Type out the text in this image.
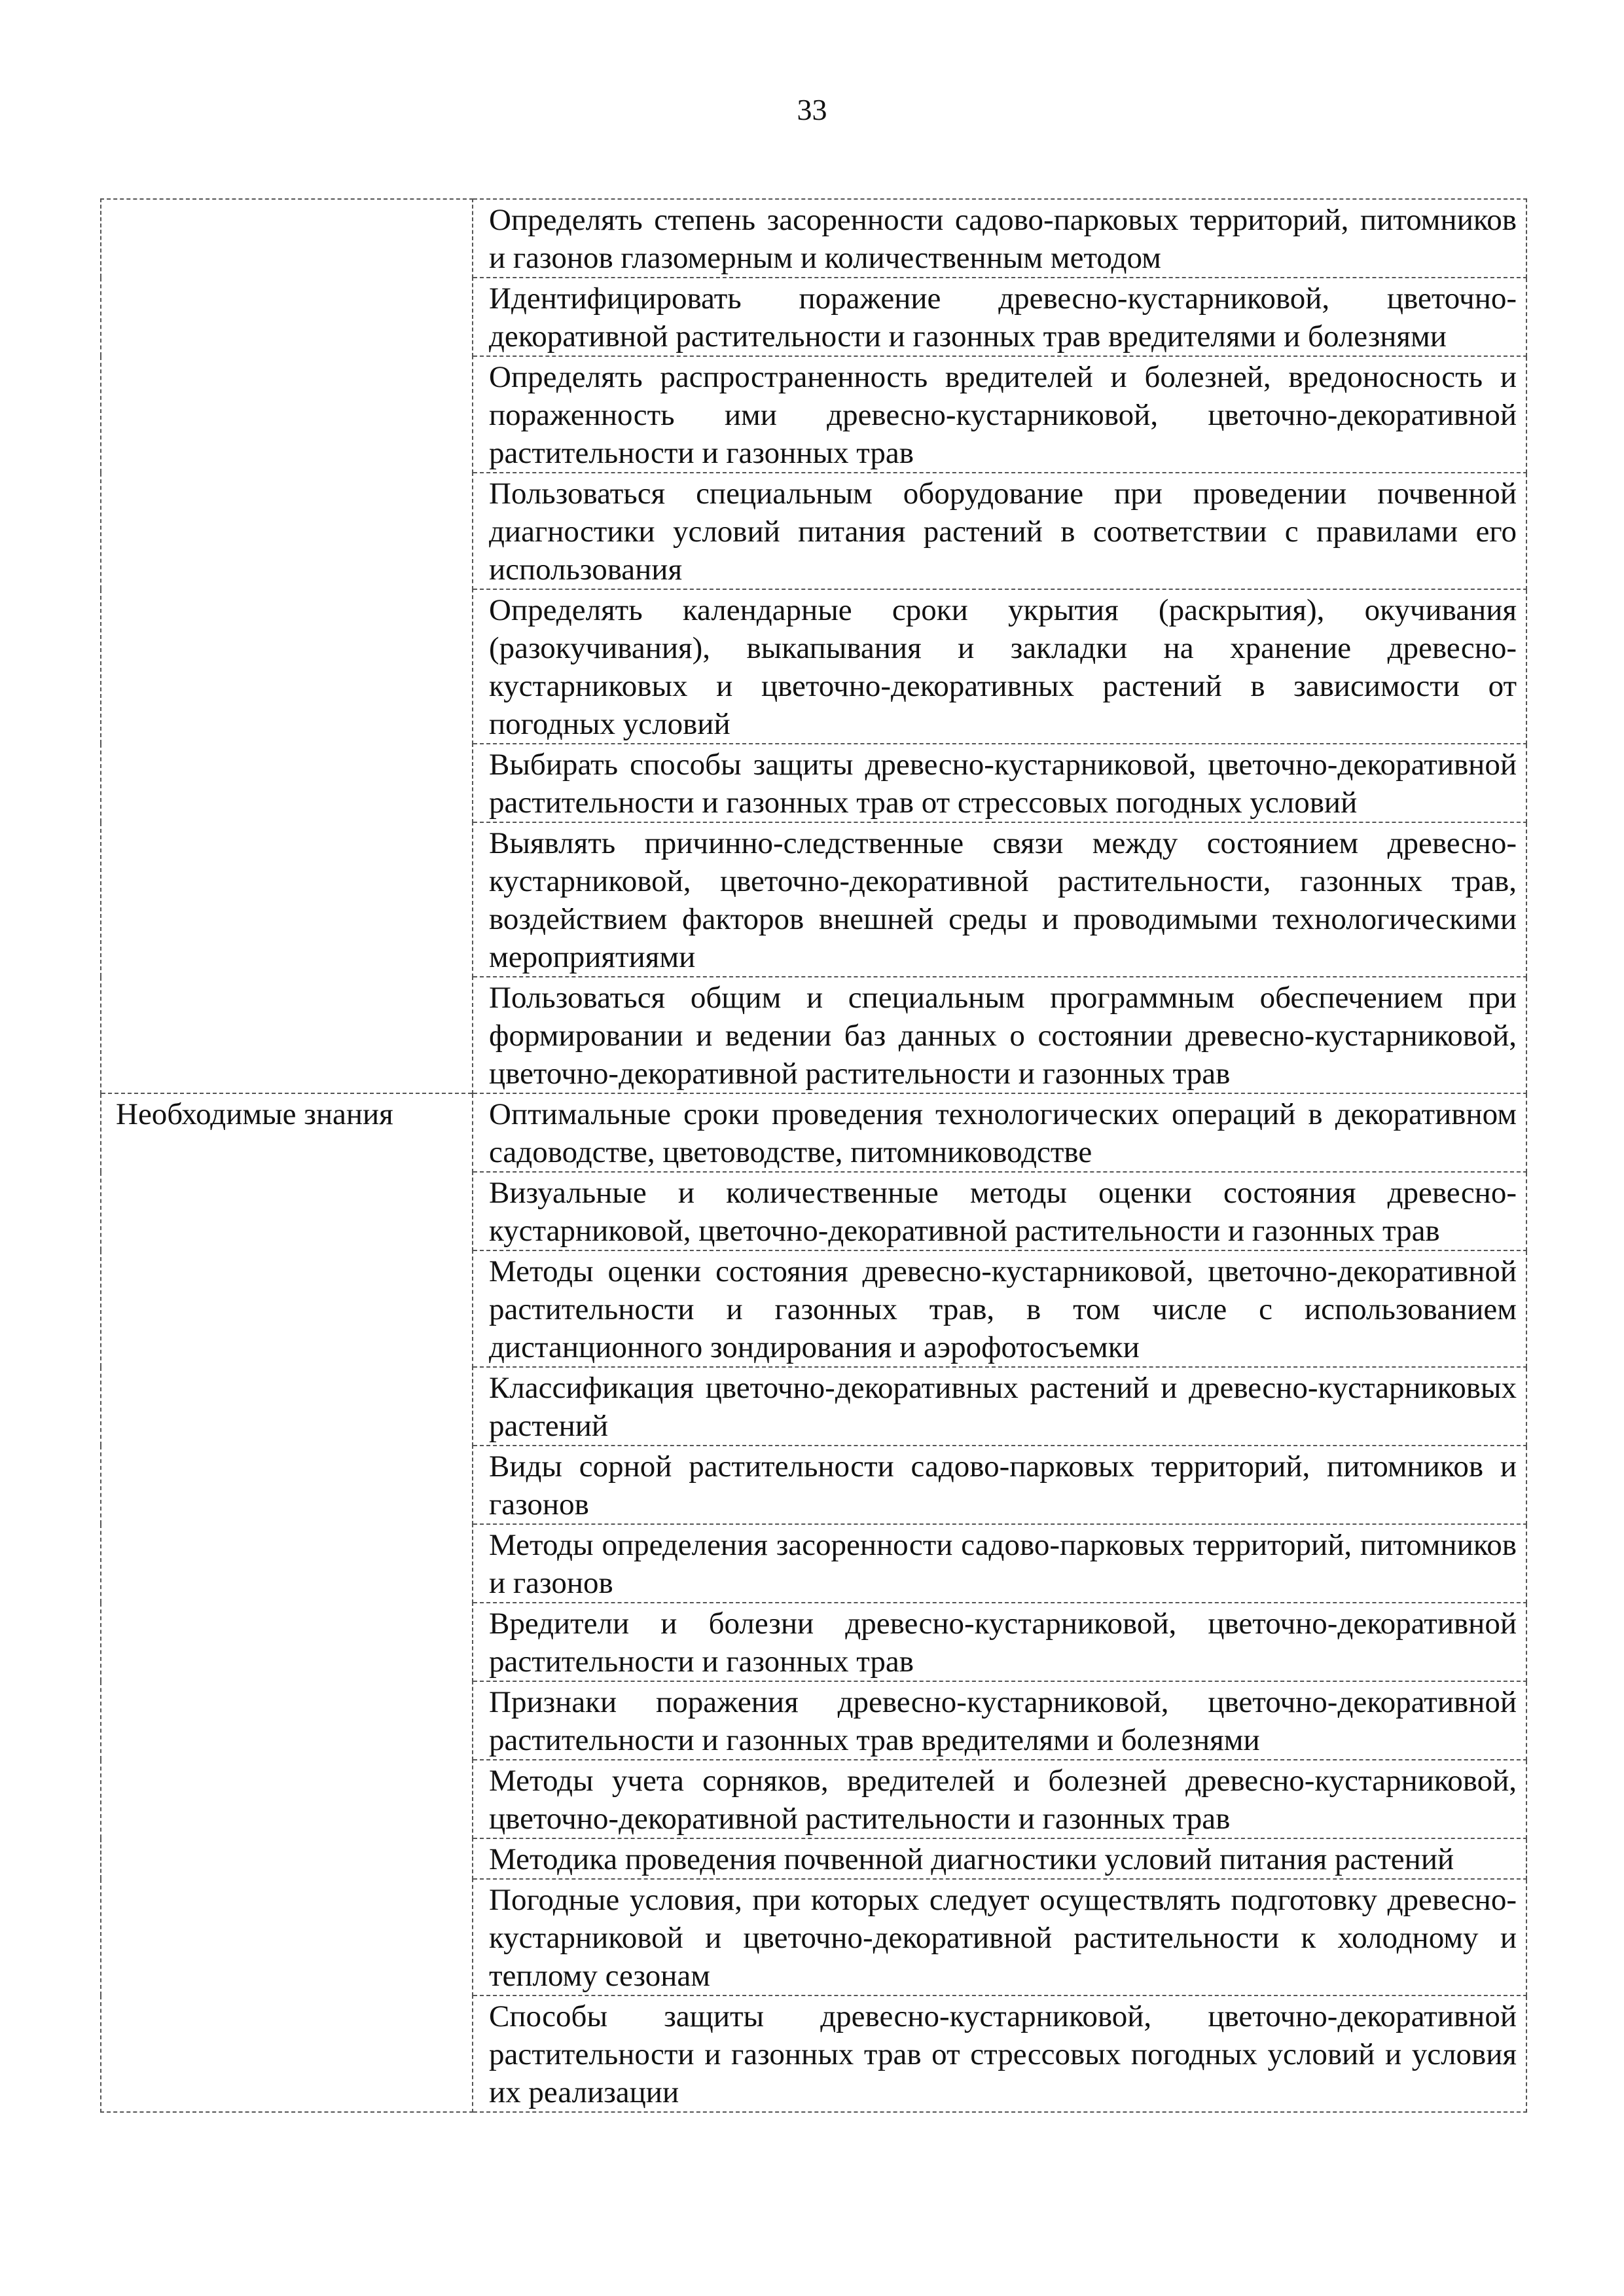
33
	Определять степень засоренности садово-парковых территорий, питомников и газонов глазомерным и количественным методом
	Идентифицировать поражение древесно-кустарниковой, цветочно-декоративной растительности и газонных трав вредителями и болезнями
	Определять распространенность вредителей и болезней, вредоносность и пораженность ими древесно-кустарниковой, цветочно-декоративной растительности и газонных трав
	Пользоваться специальным оборудование при проведении почвенной диагностики условий питания растений в соответствии с правилами его использования
	Определять календарные сроки укрытия (раскрытия), окучивания (разокучивания), выкапывания и закладки на хранение древесно-кустарниковых и цветочно-декоративных растений в зависимости от погодных условий
	Выбирать способы защиты древесно-кустарниковой, цветочно-декоративной растительности и газонных трав от стрессовых погодных условий
	Выявлять причинно-следственные связи между состоянием древесно-кустарниковой, цветочно-декоративной растительности, газонных трав, воздействием факторов внешней среды и проводимыми технологическими мероприятиями
	Пользоваться общим и специальным программным обеспечением при формировании и ведении баз данных о состоянии древесно-кустарниковой, цветочно-декоративной растительности и газонных трав
Необходимые знания	Оптимальные сроки проведения технологических операций в декоративном садоводстве, цветоводстве, питомниководстве
	Визуальные и количественные методы оценки состояния древесно-кустарниковой, цветочно-декоративной растительности и газонных трав
	Методы оценки состояния древесно-кустарниковой, цветочно-декоративной растительности и газонных трав, в том числе с использованием дистанционного зондирования и аэрофотосъемки
	Классификация цветочно-декоративных растений и древесно-кустарниковых растений
	Виды сорной растительности садово-парковых территорий, питомников и газонов
	Методы определения засоренности садово-парковых территорий, питомников и газонов
	Вредители и болезни древесно-кустарниковой, цветочно-декоративной растительности и газонных трав
	Признаки поражения древесно-кустарниковой, цветочно-декоративной растительности и газонных трав вредителями и болезнями
	Методы учета сорняков, вредителей и болезней древесно-кустарниковой, цветочно-декоративной растительности и газонных трав
	Методика проведения почвенной диагностики условий питания растений
	Погодные условия, при которых следует осуществлять подготовку древесно-кустарниковой и цветочно-декоративной растительности к холодному и теплому сезонам
	Способы защиты древесно-кустарниковой, цветочно-декоративной растительности и газонных трав от стрессовых погодных условий и условия их реализации
